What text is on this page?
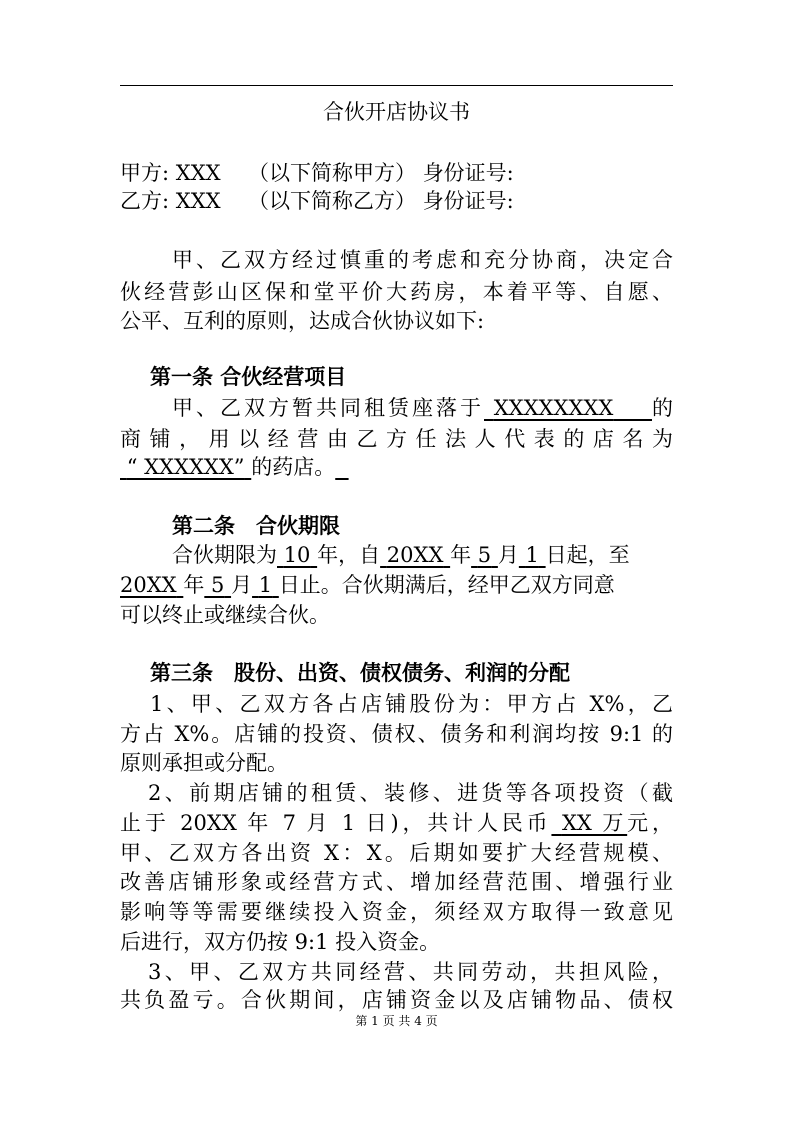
合伙开店协议书
甲方: XXX （以下简称甲方） 身份证号:
乙方: XXX （以下简称乙方） 身份证号:
甲、乙双方经过慎重的考虑和充分协商，决定合
伙经营彭山区保和堂平价大药房，本着平等、自愿、
公平、互利的原则，达成合伙协议如下:
第一条 合伙经营项目
甲、乙双方暂共同租赁座落于 XXXXXXXX 的
商铺，用以经营由乙方任法人代表的店名为
“ XXXXXX” 的药店。
第二条　合伙期限
合伙期限为 10 年，自 20XX 年 5 月 1 日起，至
20XX 年 5 月 1 日止。合伙期满后，经甲乙双方同意
可以终止或继续合伙。
第三条　股份、出资、债权债务、利润的分配
1、甲、乙双方各占店铺股份为：甲方占 X%，乙
方占 X%。店铺的投资、债权、债务和利润均按 9:1 的
原则承担或分配。
2、前期店铺的租赁、装修、进货等各项投资（截
止于 20XX 年 7 月 1 日)，共计人民币 XX 万元，
甲、乙双方各出资 X：X。后期如要扩大经营规模、
改善店铺形象或经营方式、增加经营范围、增强行业
影响等等需要继续投入资金，须经双方取得一致意见
后进行，双方仍按 9:1 投入资金。
3、甲、乙双方共同经营、共同劳动，共担风险，
共负盈亏。合伙期间，店铺资金以及店铺物品、债权
第 1 页 共 4 页
